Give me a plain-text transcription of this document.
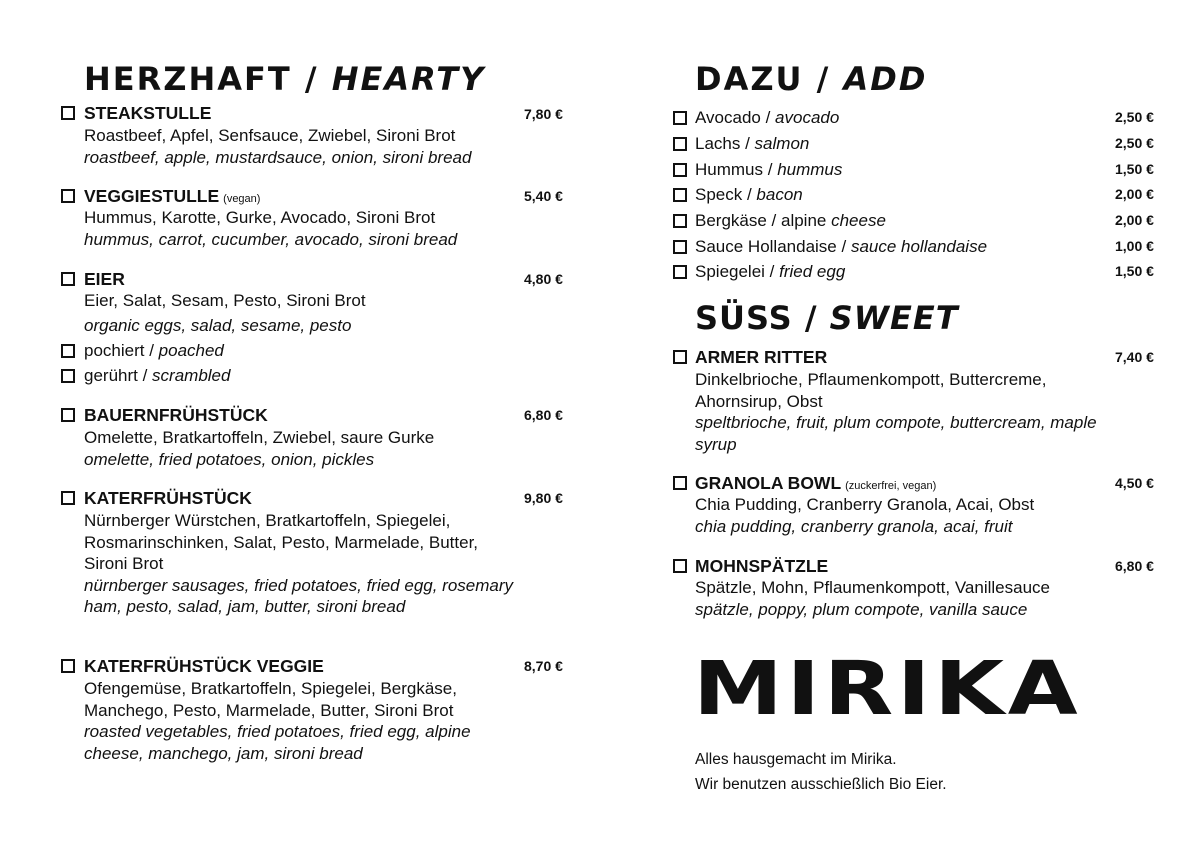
HERZHAFT / HEARTY
STEAKSTULLE	7,80 €
Roastbeef, Apfel, Senfsauce, Zwiebel, Sironi Brot
roastbeef, apple, mustardsauce, onion, sironi bread
VEGGIESTULLE (vegan)	5,40 €
Hummus, Karotte, Gurke, Avocado, Sironi Brot
hummus, carrot, cucumber, avocado, sironi bread
EIER	4,80 €
Eier, Salat, Sesam, Pesto, Sironi Brot
organic eggs, salad, sesame, pesto
pochiert / poached
gerührt / scrambled
BAUERNFRÜHSTÜCK	6,80 €
Omelette, Bratkartoffeln, Zwiebel, saure Gurke
omelette, fried potatoes, onion, pickles
KATERFRÜHSTÜCK	9,80 €
Nürnberger Würstchen, Bratkartoffeln, Spiegelei, Rosmarinschinken, Salat, Pesto, Marmelade, Butter, Sironi Brot
nürnberger sausages, fried potatoes, fried egg, rosemary ham, pesto, salad, jam, butter, sironi bread
KATERFRÜHSTÜCK VEGGIE	8,70 €
Ofengemüse, Bratkartoffeln, Spiegelei, Bergkäse, Manchego, Pesto, Marmelade, Butter, Sironi Brot
roasted vegetables, fried potatoes, fried egg, alpine cheese, manchego, jam, sironi bread
DAZU / ADD
Avocado / avocado	2,50 €
Lachs / salmon	2,50 €
Hummus / hummus	1,50 €
Speck / bacon	2,00 €
Bergkäse / alpine cheese	2,00 €
Sauce Hollandaise / sauce hollandaise	1,00 €
Spiegelei / fried egg	1,50 €
SÜSS / SWEET
ARMER RITTER	7,40 €
Dinkelbrioche, Pflaumenkompott, Buttercreme, Ahornsirup, Obst
speltbrioche, fruit, plum compote, buttercream, maple syrup
GRANOLA BOWL (zuckerfrei, vegan)	4,50 €
Chia Pudding, Cranberry Granola, Acai, Obst
chia pudding, cranberry granola, acai, fruit
MOHNSPÄTZLE	6,80 €
Spätzle, Mohn, Pflaumenkompott, Vanillesauce
spätzle, poppy, plum compote, vanilla sauce
MIRIKA
Alles hausgemacht im Mirika.
Wir benutzen ausschießlich Bio Eier.
